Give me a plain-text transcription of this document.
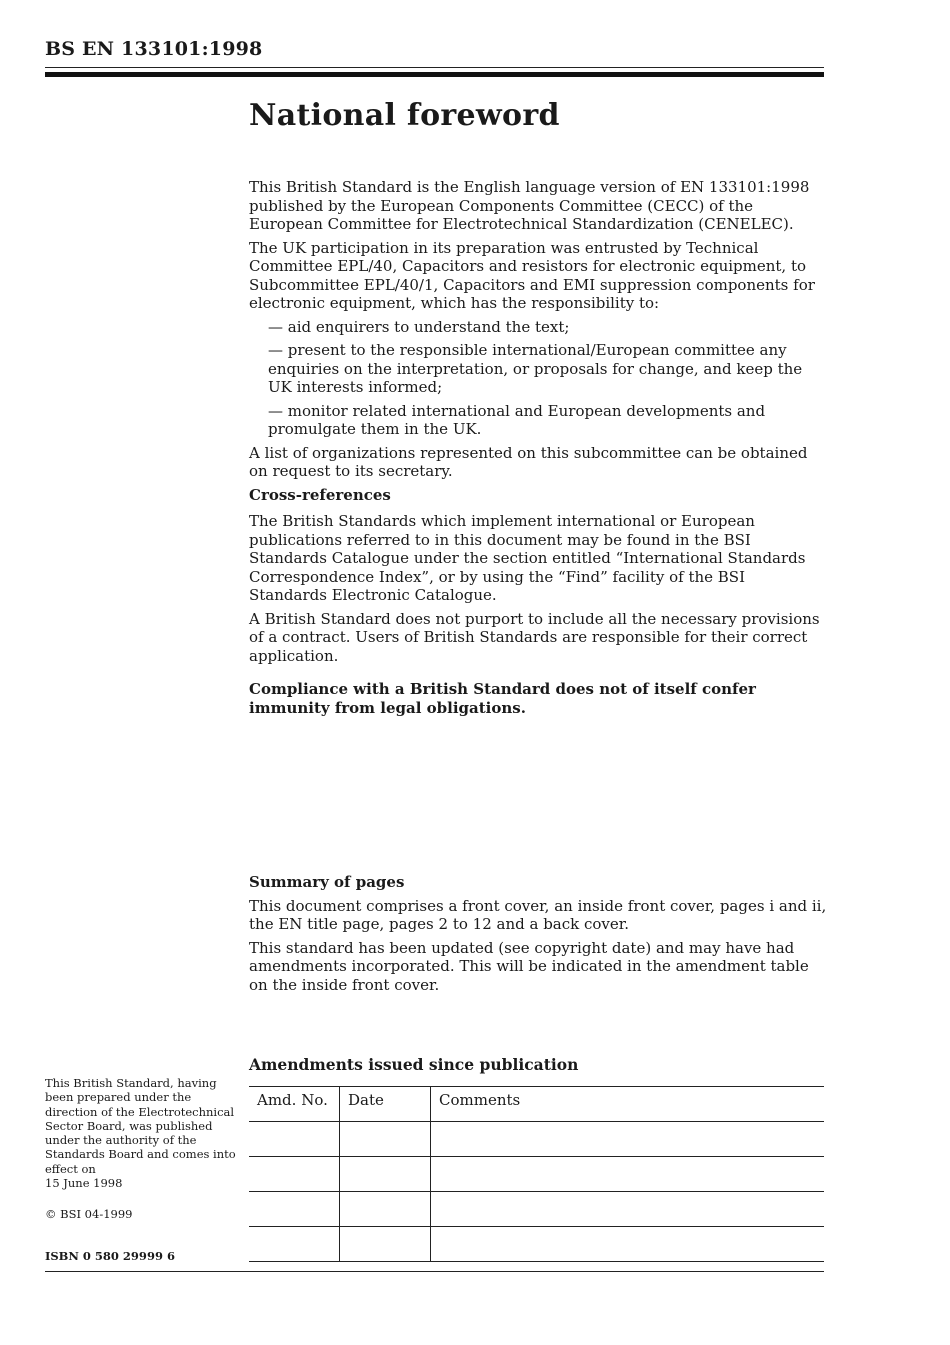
BS EN 133101:1998
National foreword

This British Standard is the English language version of EN 133101:1998 published by the European Components Committee (CECC) of the European Committee for Electrotechnical Standardization (CENELEC).

The UK participation in its preparation was entrusted by Technical Committee EPL/40, Capacitors and resistors for electronic equipment, to Subcommittee EPL/40/1, Capacitors and EMI suppression components for electronic equipment, which has the responsibility to:

— aid enquirers to understand the text;

— present to the responsible international/European committee any enquiries on the interpretation, or proposals for change, and keep the UK interests informed;

— monitor related international and European developments and promulgate them in the UK.

A list of organizations represented on this subcommittee can be obtained on request to its secretary.

Cross-references

The British Standards which implement international or European publications referred to in this document may be found in the BSI Standards Catalogue under the section entitled “International Standards Correspondence Index”, or by using the “Find” facility of the BSI Standards Electronic Catalogue.

A British Standard does not purport to include all the necessary provisions of a contract. Users of British Standards are responsible for their correct application.

Compliance with a British Standard does not of itself confer immunity from legal obligations.

Summary of pages

This document comprises a front cover, an inside front cover, pages i and ii, the EN title page, pages 2 to 12 and a back cover.

This standard has been updated (see copyright date) and may have had amendments incorporated. This will be indicated in the amendment table on the inside front cover.

Amendments issued since publication
Amd. No.	Date	Comments

This British Standard, having been prepared under the direction of the Electrotechnical Sector Board, was published under the authority of the Standards Board and comes into effect on

15 June 1998

© BSI 04-1999
ISBN 0 580 29999 6
